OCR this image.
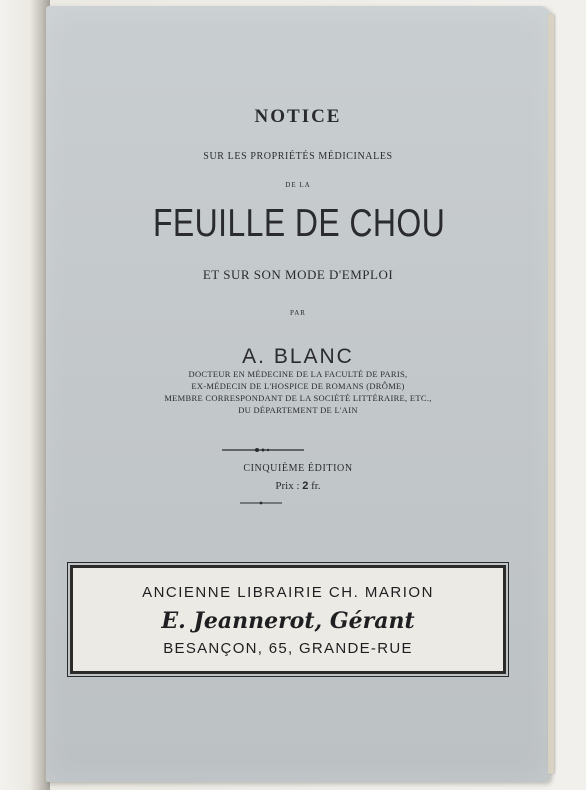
NOTICE
SUR LES PROPRIÉTÉS MÉDICINALES
DE LA
FEUILLE DE CHOU
ET SUR SON MODE D'EMPLOI
PAR
A. BLANC
DOCTEUR EN MÉDECINE DE LA FACULTÉ DE PARIS,
EX-MÉDECIN DE L'HOSPICE DE ROMANS (DRÔME)
MEMBRE CORRESPONDANT DE LA SOCIÉTÉ LITTÉRAIRE, ETC.,
DU DÉPARTEMENT DE L'AIN
CINQUIÈME ÉDITION
Prix : 2 fr.
ANCIENNE LIBRAIRIE CH. MARION
E. Jeannerot, Gérant
BESANÇON, 65, GRANDE-RUE
